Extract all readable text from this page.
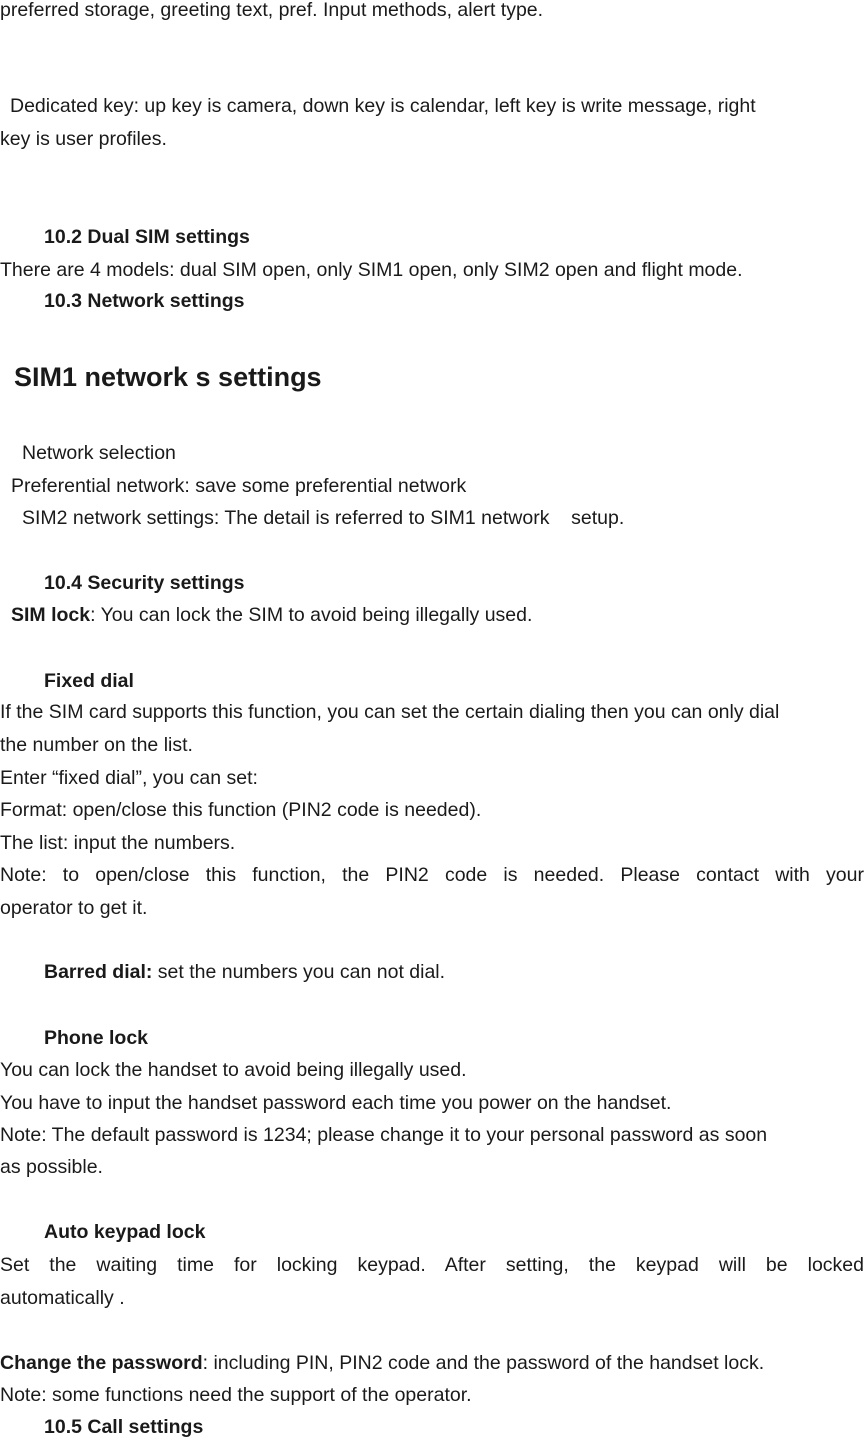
preferred storage, greeting text, pref. Input methods, alert type.

Dedicated key: up key is camera, down key is calendar, left key is write message, right

key is user profiles.

10.2 Dual SIM settings

There are 4 models: dual SIM open, only SIM1 open, only SIM2 open and flight mode.

10.3 Network settings

SIM1 network s settings

Network selection

Preferential network: save some preferential network

SIM2 network settings: The detail is referred to SIM1 network    setup.

10.4 Security settings

SIM lock: You can lock the SIM to avoid being illegally used.

Fixed dial

If the SIM card supports this function, you can set the certain dialing then you can only dial

the number on the list.

Enter “fixed dial”, you can set:

Format: open/close this function (PIN2 code is needed).

The list: input the numbers.

Note: to open/close this function, the PIN2 code is needed. Please contact with your

operator to get it.

Barred dial: set the numbers you can not dial.

Phone lock

You can lock the handset to avoid being illegally used.

You have to input the handset password each time you power on the handset.

Note: The default password is 1234; please change it to your personal password as soon

as possible.

Auto keypad lock

Set the waiting time for locking keypad. After setting, the keypad will be locked

automatically .

Change the password: including PIN, PIN2 code and the password of the handset lock.

Note: some functions need the support of the operator.

10.5 Call settings
